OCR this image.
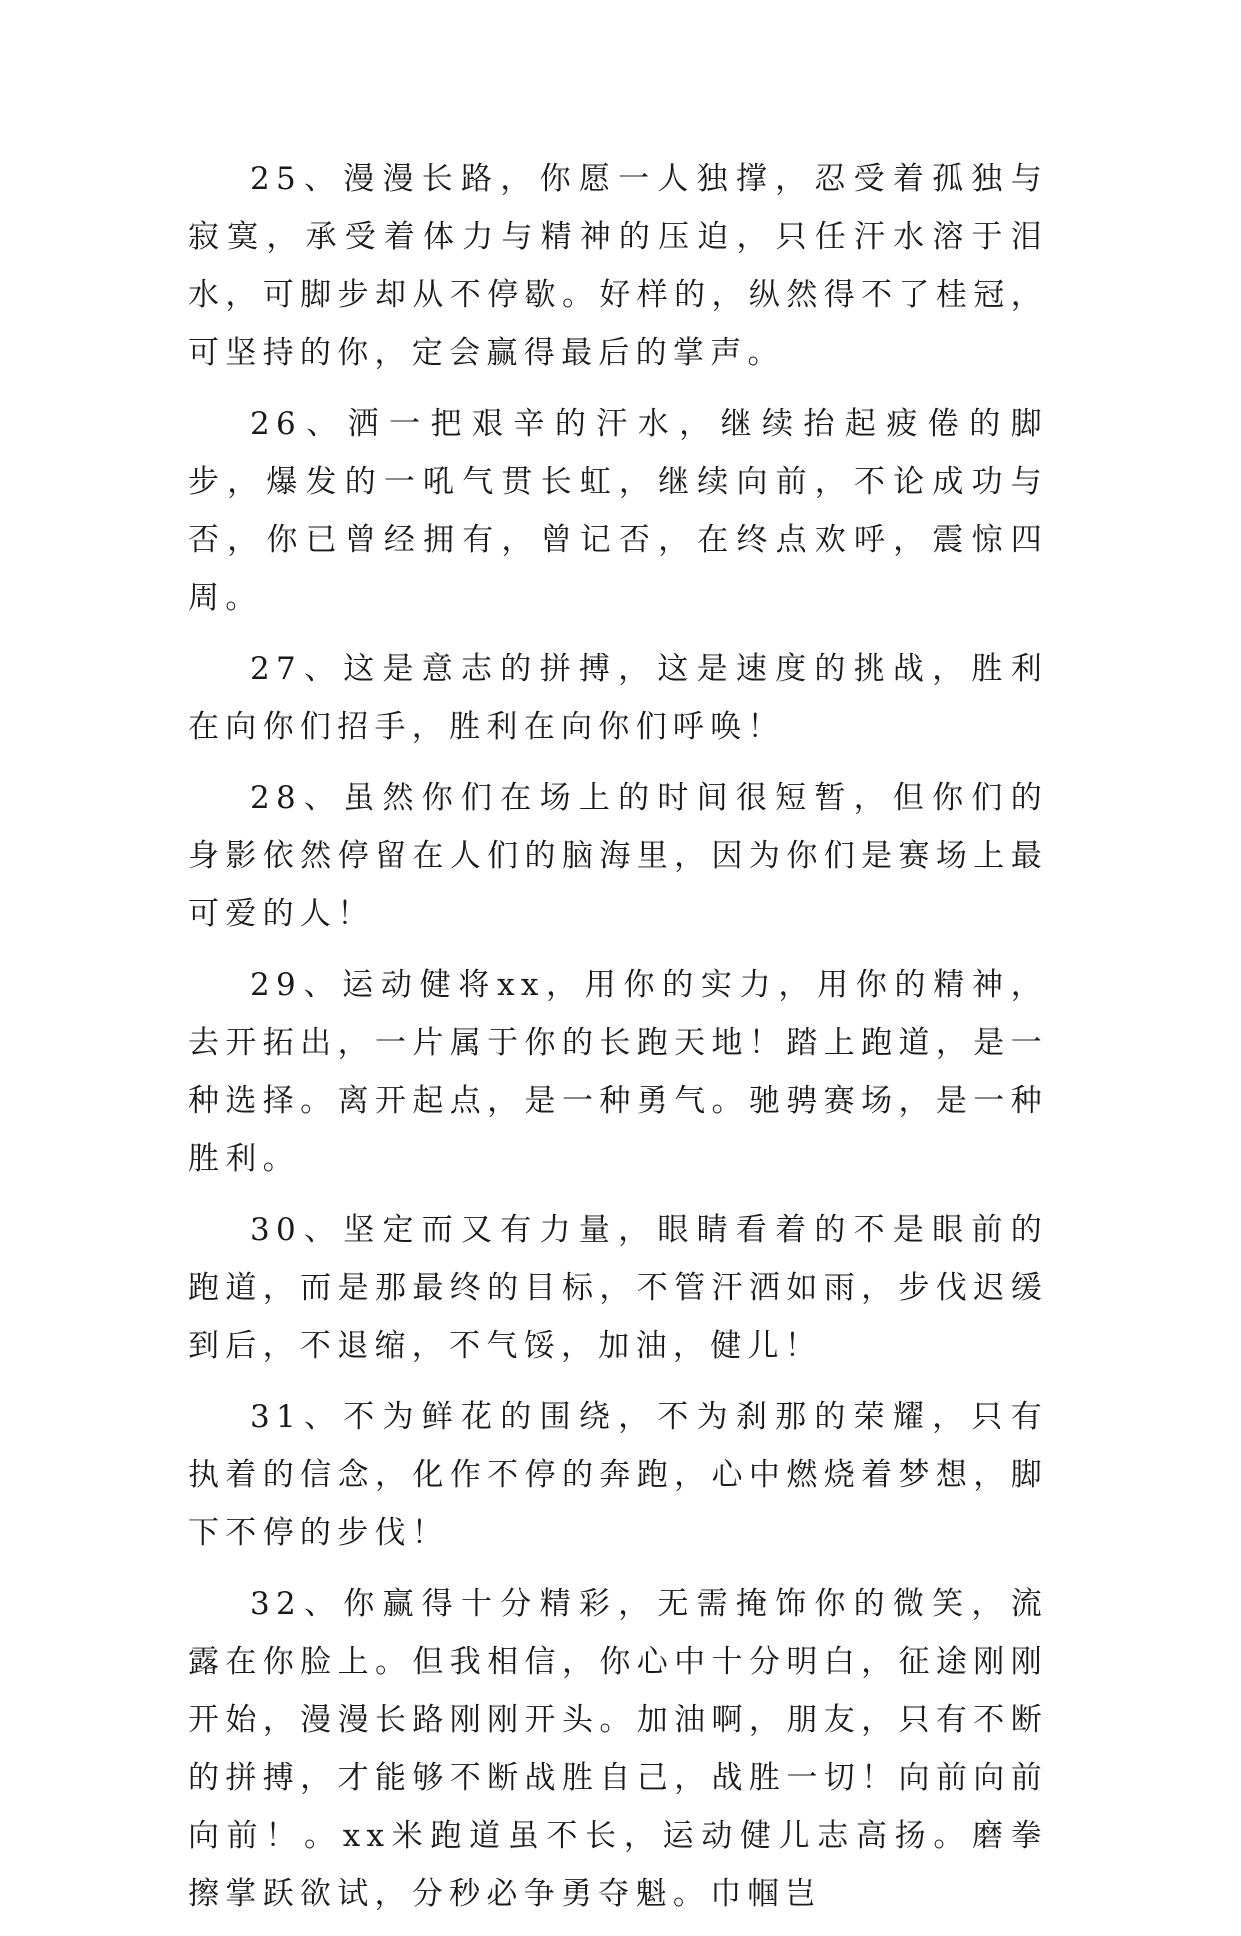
25、漫漫长路，你愿一人独撑，忍受着孤独与寂寞，承受着体力与精神的压迫，只任汗水溶于泪水，可脚步却从不停歇。好样的，纵然得不了桂冠，可坚持的你，定会赢得最后的掌声。

26、洒一把艰辛的汗水，继续抬起疲倦的脚步，爆发的一吼气贯长虹，继续向前，不论成功与否，你已曾经拥有，曾记否，在终点欢呼，震惊四周。

27、这是意志的拼搏，这是速度的挑战，胜利在向你们招手，胜利在向你们呼唤！

28、虽然你们在场上的时间很短暂，但你们的身影依然停留在人们的脑海里，因为你们是赛场上最可爱的人！

29、运动健将xx，用你的实力，用你的精神，去开拓出，一片属于你的长跑天地！踏上跑道，是一种选择。离开起点，是一种勇气。驰骋赛场，是一种胜利。

30、坚定而又有力量，眼睛看着的不是眼前的跑道，而是那最终的目标，不管汗洒如雨，步伐迟缓到后，不退缩，不气馁，加油，健儿！

31、不为鲜花的围绕，不为刹那的荣耀，只有执着的信念，化作不停的奔跑，心中燃烧着梦想，脚下不停的步伐！

32、你赢得十分精彩，无需掩饰你的微笑，流露在你脸上。但我相信，你心中十分明白，征途刚刚开始，漫漫长路刚刚开头。加油啊，朋友，只有不断的拼搏，才能够不断战胜自己，战胜一切！向前向前向前！。xx米跑道虽不长，运动健儿志高扬。磨拳擦掌跃欲试，分秒必争勇夺魁。巾帼岂
